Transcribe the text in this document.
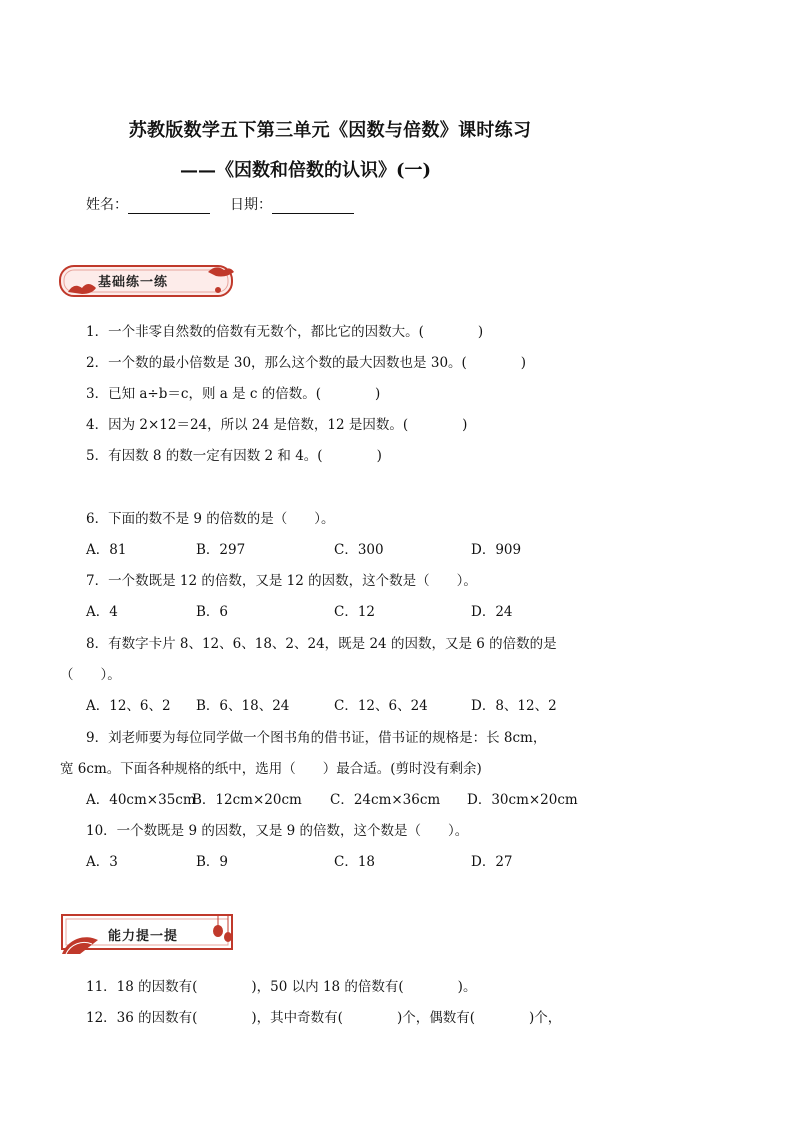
苏教版数学五下第三单元《因数与倍数》课时练习
——《因数和倍数的认识》(一)
姓名：	日期：
基础练一练
1．一个非零自然数的倍数有无数个，都比它的因数大。(　　　　)
2．一个数的最小倍数是 30，那么这个数的最大因数也是 30。(　　　　)
3．已知 a÷b＝c，则 a 是 c 的倍数。(　　　　)
4．因为 2×12＝24，所以 24 是倍数，12 是因数。(　　　　)
5．有因数 8 的数一定有因数 2 和 4。(　　　　)
6．下面的数不是 9 的倍数的是（　　）。
A．81	B．297	C．300	D．909
7．一个数既是 12 的倍数，又是 12 的因数，这个数是（　　）。
A．4	B．6	C．12	D．24
8．有数字卡片 8、12、6、18、2、24，既是 24 的因数，又是 6 的倍数的是
（　　）。
A．12、6、2 B．6、18、24	C．12、6、24	D．8、12、2
9．刘老师要为每位同学做一个图书角的借书证，借书证的规格是：长 8cm，
宽 6cm。下面各种规格的纸中，选用（　　）最合适。(剪时没有剩余)
A．40cm×35cm
B．12cm×20cm C．24cm×36cm D．30cm×20cm
10．一个数既是 9 的因数，又是 9 的倍数，这个数是（　　）。
A．3	B．9	C．18	D．27
能力提一提
11．18 的因数有(　　　　)，50 以内 18 的倍数有(　　　　)。
12．36 的因数有(　　　　)，其中奇数有(　　　　)个，偶数有(　　　　)个，
